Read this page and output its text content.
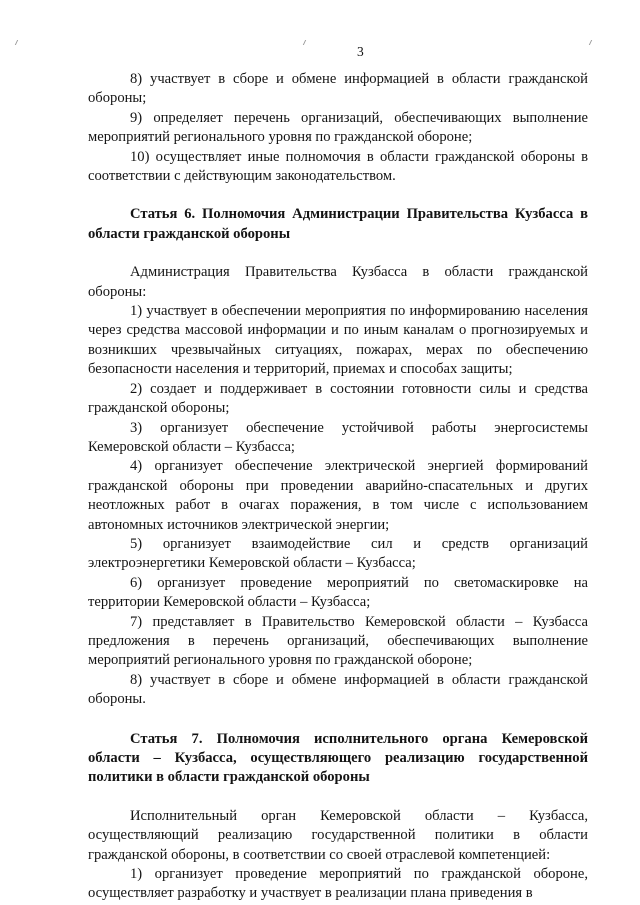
3

8) участвует в сборе и обмене информацией в области гражданской обороны;

9) определяет перечень организаций, обеспечивающих выполнение мероприятий регионального уровня по гражданской обороне;

10) осуществляет иные полномочия в области гражданской обороны в соответствии с действующим законодательством.

Статья 6. Полномочия Администрации Правительства Кузбасса в области гражданской обороны

Администрация Правительства Кузбасса в области гражданской обороны:

1) участвует в обеспечении мероприятия по информированию населения через средства массовой информации и по иным каналам о прогнозируемых и возникших чрезвычайных ситуациях, пожарах, мерах по обеспечению безопасности населения и территорий, приемах и способах защиты;

2) создает и поддерживает в состоянии готовности силы и средства гражданской обороны;

3) организует обеспечение устойчивой работы энергосистемы Кемеровской области – Кузбасса;

4) организует обеспечение электрической энергией формирований гражданской обороны при проведении аварийно-спасательных и других неотложных работ в очагах поражения, в том числе с использованием автономных источников электрической энергии;

5) организует взаимодействие сил и средств организаций электроэнергетики Кемеровской области – Кузбасса;

6) организует проведение мероприятий по светомаскировке на территории Кемеровской области – Кузбасса;

7) представляет в Правительство Кемеровской области – Кузбасса предложения в перечень организаций, обеспечивающих выполнение мероприятий регионального уровня по гражданской обороне;

8) участвует в сборе и обмене информацией в области гражданской обороны.

Статья 7. Полномочия исполнительного органа Кемеровской области – Кузбасса, осуществляющего реализацию государственной политики в области гражданской обороны

Исполнительный орган Кемеровской области – Кузбасса, осуществляющий реализацию государственной политики в области гражданской обороны, в соответствии со своей отраслевой компетенцией:

1) организует проведение мероприятий по гражданской обороне, осуществляет разработку и участвует в реализации плана приведения в
